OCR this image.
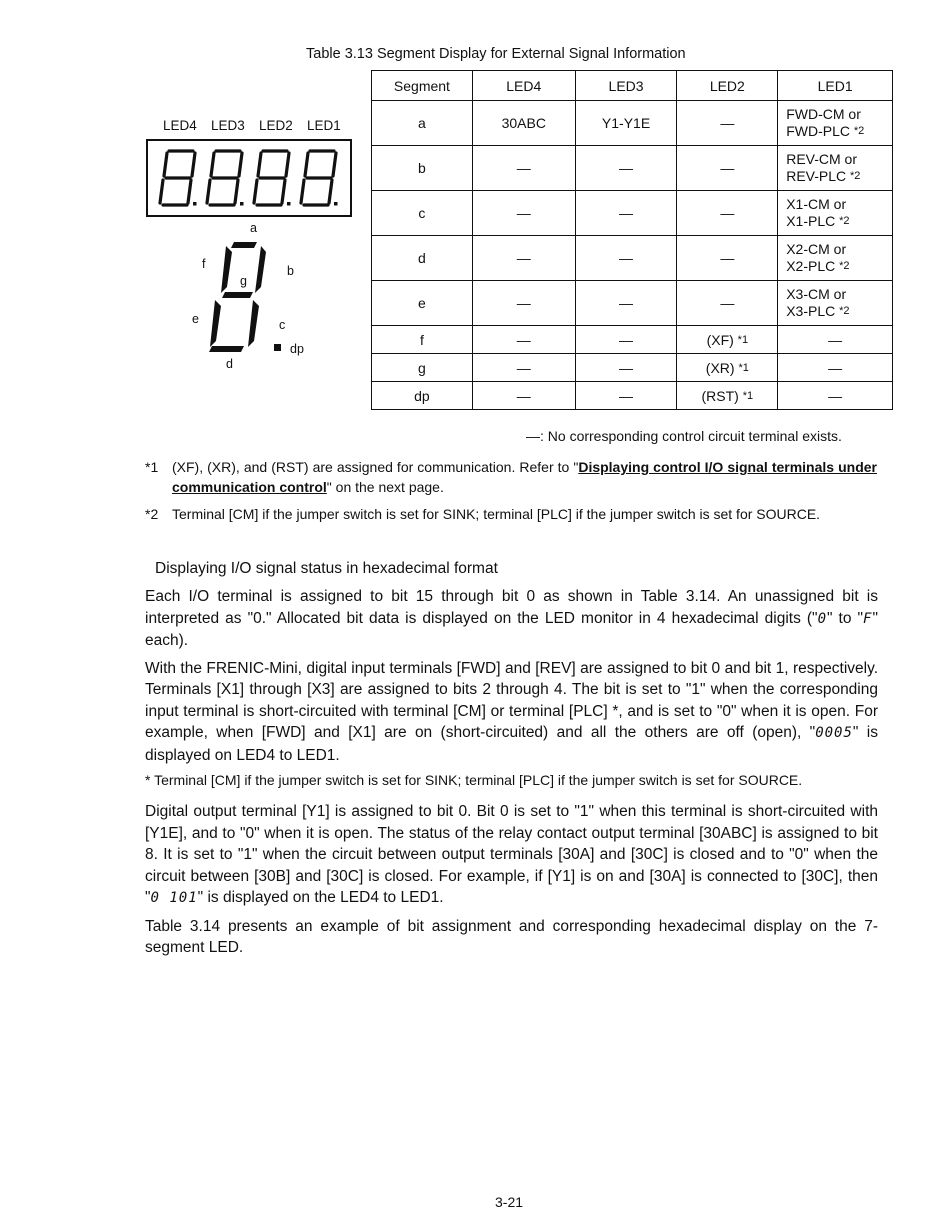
Table 3.13 Segment Display for External Signal Information
LED4 LED3 LED2 LED1
a
f	b
g
e	c
d
dp
Segment	LED4	LED3	LED2	LED1
a	30ABC	Y1-Y1E	—	FWD-CM or
FWD-PLC $^{*2}$

b	—	—	—	REV-CM or
REV-PLC $^{*2}$

c	—	—	—	X1-CM or
X1-PLC $^{*2}$

d	—	—	—	X2-CM or
X2-PLC $^{*2}$

e	—	—	—	X3-CM or
X3-PLC $^{*2}$

f	—	—	(XF) $^{*1}$	—
g	—	—	(XR) $^{*1}$	—
dp	—	—	(RST) $^{*1}$	—
—: No corresponding control circuit terminal exists.
*1 (XF), (XR), and (RST) are assigned for communication. Refer to "Displaying control I/O signal terminals under communication control" on the next page.
*2 Terminal [CM] if the jumper switch is set for SINK; terminal [PLC] if the jumper switch is set for SOURCE.
Displaying I/O signal status in hexadecimal format

Each I/O terminal is assigned to bit 15 through bit 0 as shown in Table 3.14. An unassigned bit is interpreted as "0." Allocated bit data is displayed on the LED monitor in 4 hexadecimal digits ("0" to "F" each).

With the FRENIC-Mini, digital input terminals [FWD] and [REV] are assigned to bit 0 and bit 1, respectively. Terminals [X1] through [X3] are assigned to bits 2 through 4. The bit is set to "1" when the corresponding input terminal is short-circuited with terminal [CM] or terminal [PLC] *, and is set to "0" when it is open. For example, when [FWD] and [X1] are on (short-circuited) and all the others are off (open), "0005" is displayed on LED4 to LED1.

* Terminal [CM] if the jumper switch is set for SINK; terminal [PLC] if the jumper switch is set for SOURCE.

Digital output terminal [Y1] is assigned to bit 0. Bit 0 is set to "1" when this terminal is short-circuited with [Y1E], and to "0" when it is open. The status of the relay contact output terminal [30ABC] is assigned to bit 8. It is set to "1" when the circuit between output terminals [30A] and [30C] is closed and to "0" when the circuit between [30B] and [30C] is closed. For example, if [Y1] is on and [30A] is connected to [30C], then "0 101" is displayed on the LED4 to LED1.

Table 3.14 presents an example of bit assignment and corresponding hexadecimal display on the 7-segment LED.

3-21
